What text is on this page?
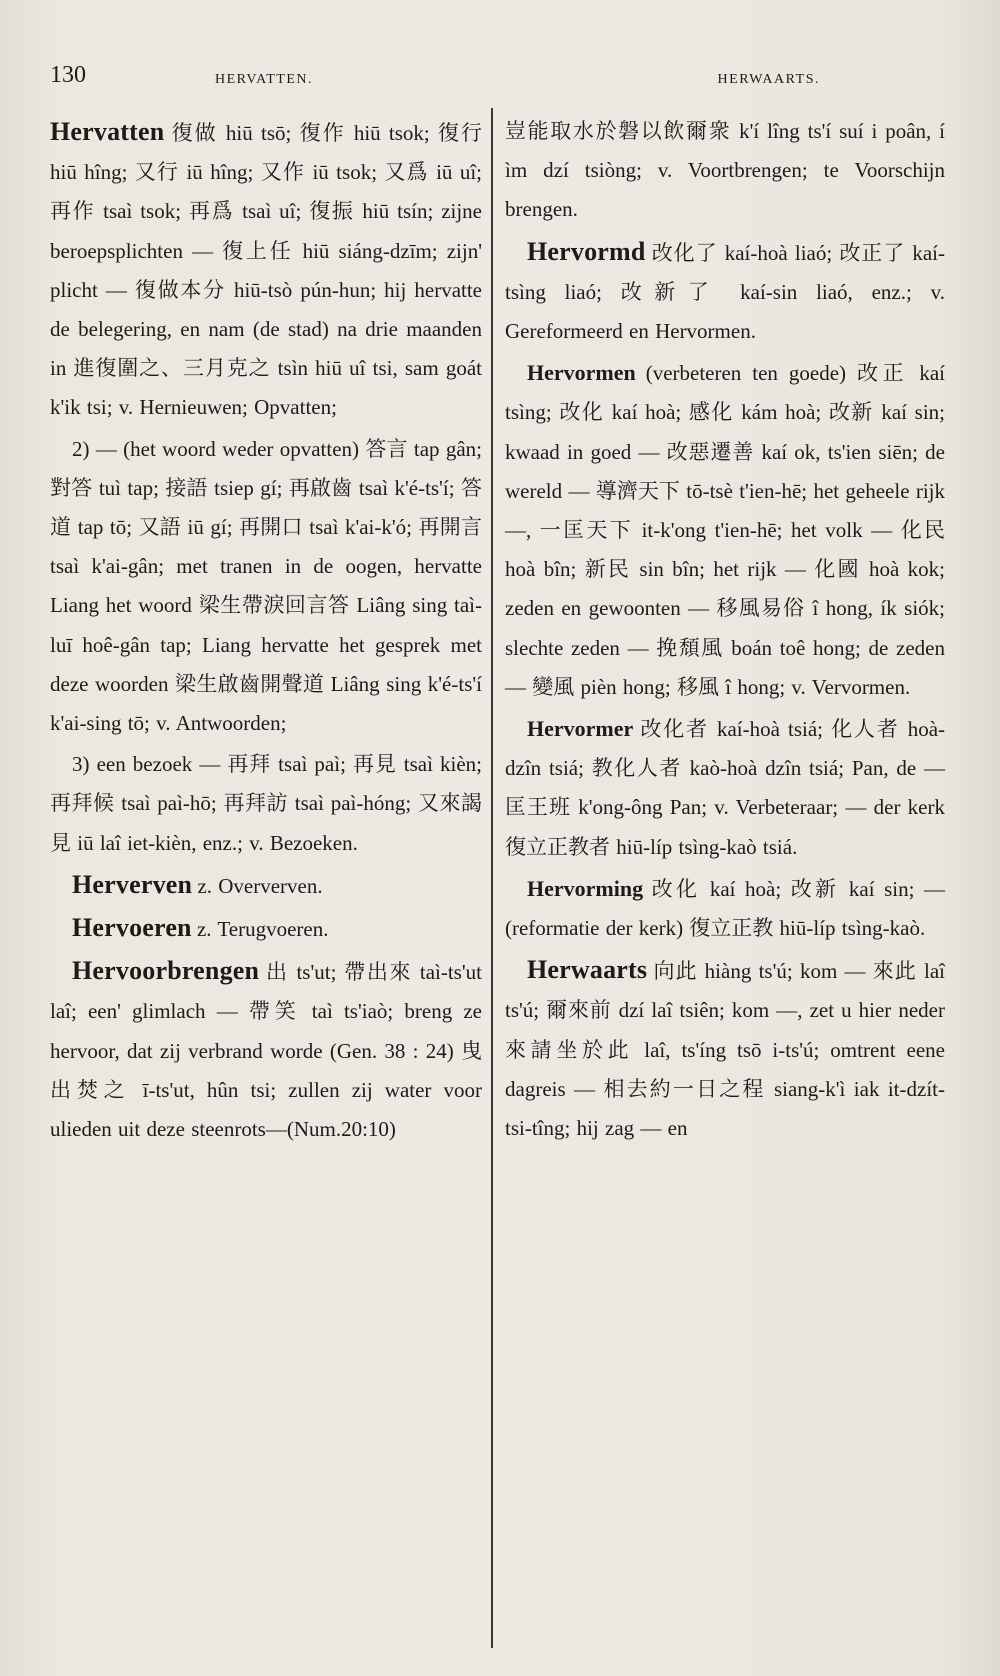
130	HERVATTEN.	HERWAARTS.

Hervatten 復做 hiū tsō; 復作 hiū tsok; 復行 hiū hîng; 又行 iū hîng; 又作 iū tsok; 又爲 iū uî; 再作 tsaì tsok; 再爲 tsaì uî; 復振 hiū tsín; zijne beroepsplichten — 復上任 hiū siáng-dzīm; zijn' plicht — 復做本分 hiū-tsò pún-hun; hij hervatte de belegering, en nam (de stad) na drie maanden in 進復圍之、三月克之 tsìn hiū uî tsi, sam goát k'ik tsi; v. Hernieuwen; Opvatten;

2) — (het woord weder opvatten) 答言 tap gân; 對答 tuì tap; 接語 tsiep gí; 再啟齒 tsaì k'é-ts'í; 答道 tap tō; 又語 iū gí; 再開口 tsaì k'ai-k'ó; 再開言 tsaì k'ai-gân; met tranen in de oogen, hervatte Liang het woord 梁生帶淚回言答 Liâng sing taì-luī hoê-gân tap; Liang hervatte het gesprek met deze woorden 梁生啟齒開聲道 Liâng sing k'é-ts'í k'ai-sing tō; v. Antwoorden;

3) een bezoek — 再拜 tsaì paì; 再見 tsaì kièn; 再拜候 tsaì paì-hō; 再拜訪 tsaì paì-hóng; 又來謁見 iū laî iet-kièn, enz.; v. Bezoeken.

Herverven z. Oververven.

Hervoeren z. Terugvoeren.

Hervoorbrengen 出 ts'ut; 帶出來 taì-ts'ut laî; een' glimlach — 帶笑 taì ts'iaò; breng ze hervoor, dat zij verbrand worde (Gen. 38 : 24) 曳出焚之 ī-ts'ut, hûn tsi; zullen zij water voor ulieden uit deze steenrots—(Num.20:10)

豈能取水於磐以飲爾衆 k'í lîng ts'í suí i poân, í ìm dzí tsiòng; v. Voortbrengen; te Voorschijn brengen.

Hervormd 改化了 kaí-hoà liaó; 改正了 kaí-tsìng liaó; 改新了 kaí-sin liaó, enz.; v. Gereformeerd en Hervormen.

Hervormen (verbeteren ten goede) 改正 kaí tsìng; 改化 kaí hoà; 感化 kám hoà; 改新 kaí sin; kwaad in goed — 改惡遷善 kaí ok, ts'ien siēn; de wereld — 導濟天下 tō-tsè t'ien-hē; het geheele rijk —, 一匡天下 it-k'ong t'ien-hē; het volk — 化民 hoà bîn; 新民 sin bîn; het rijk — 化國 hoà kok; zeden en gewoonten — 移風易俗 î hong, ík siók; slechte zeden — 挽頹風 boán toê hong; de zeden — 變風 pièn hong; 移風 î hong; v. Vervormen.

Hervormer 改化者 kaí-hoà tsiá; 化人者 hoà-dzîn tsiá; 教化人者 kaò-hoà dzîn tsiá; Pan, de — 匡王班 k'ong-ông Pan; v. Verbeteraar; — der kerk 復立正教者 hiū-líp tsìng-kaò tsiá.

Hervorming 改化 kaí hoà; 改新 kaí sin; — (reformatie der kerk) 復立正教 hiū-líp tsìng-kaò.

Herwaarts 向此 hiàng ts'ú; kom — 來此 laî ts'ú; 爾來前 dzí laî tsiên; kom —, zet u hier neder 來請坐於此 laî, ts'íng tsō i-ts'ú; omtrent eene dagreis — 相去約一日之程 siang-k'ì iak it-dzít-tsi-tîng; hij zag — en
